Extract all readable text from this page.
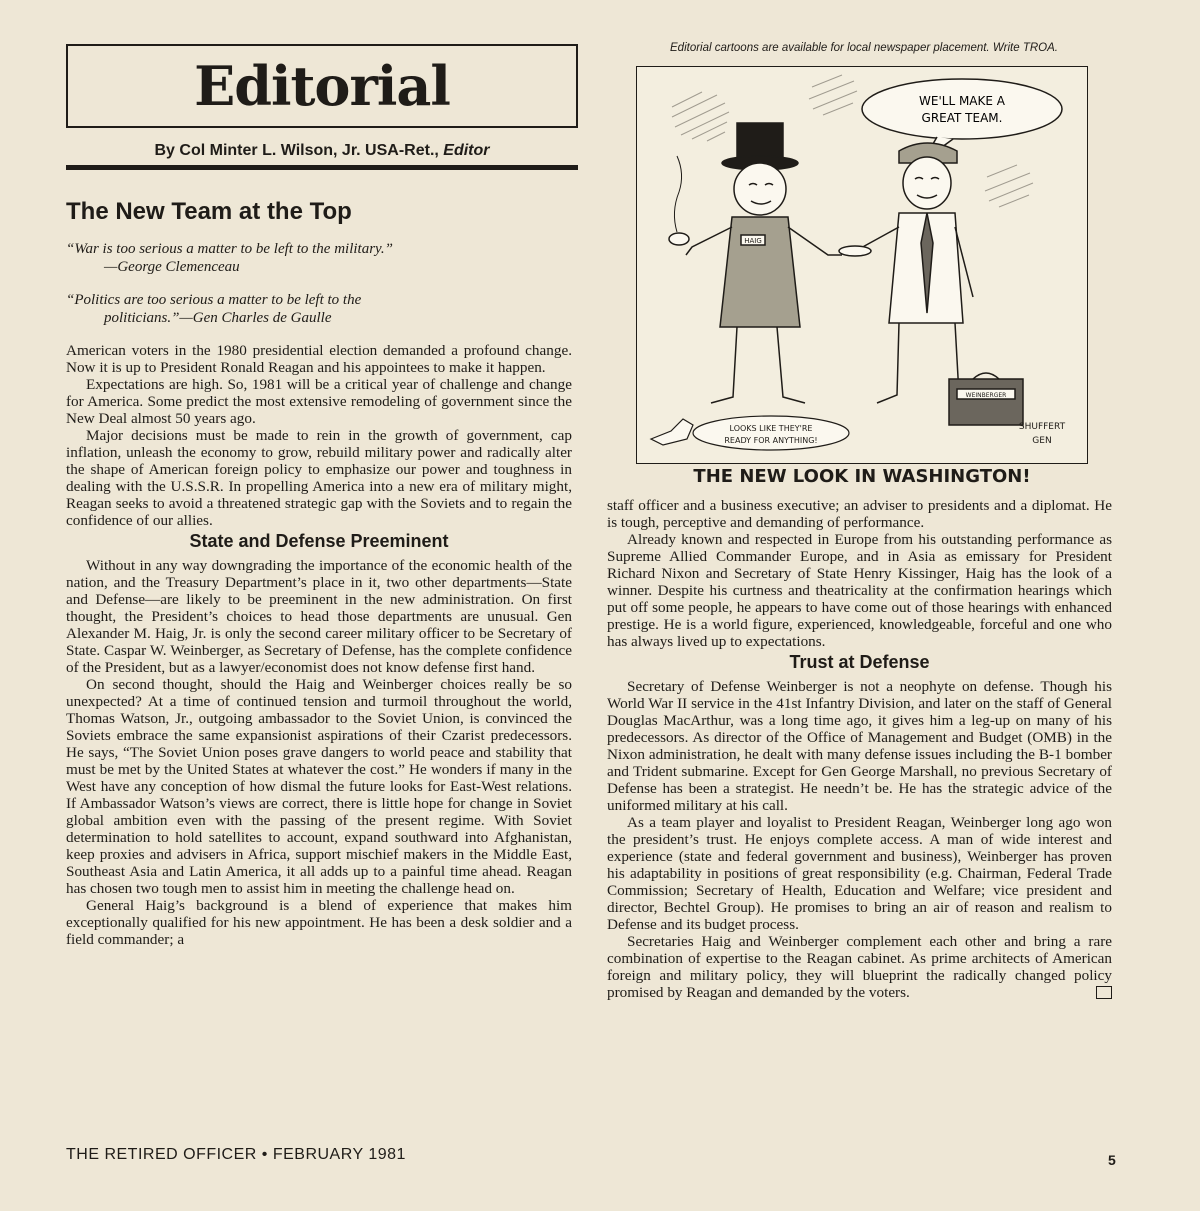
Editorial
By Col Minter L. Wilson, Jr. USA-Ret., Editor
The New Team at the Top
“War is too serious a matter to be left to the military.”
—George Clemenceau
“Politics are too serious a matter to be left to the
politicians.”—Gen Charles de Gaulle

American voters in the 1980 presidential election demanded a profound change. Now it is up to President Ronald Reagan and his appointees to make it happen.

Expectations are high. So, 1981 will be a critical year of challenge and change for America. Some predict the most extensive remodeling of government since the New Deal almost 50 years ago.

Major decisions must be made to rein in the growth of government, cap inflation, unleash the economy to grow, rebuild military power and radically alter the shape of American foreign policy to emphasize our power and toughness in dealing with the U.S.S.R. In propelling America into a new era of military might, Reagan seeks to avoid a threatened strategic gap with the Soviets and to regain the confidence of our allies.

State and Defense Preeminent

Without in any way downgrading the importance of the economic health of the nation, and the Treasury Department’s place in it, two other departments—State and Defense—are likely to be preeminent in the new administration. On first thought, the President’s choices to head those departments are unusual. Gen Alexander M. Haig, Jr. is only the second career military officer to be Secretary of State. Caspar W. Weinberger, as Secretary of Defense, has the complete confidence of the President, but as a lawyer/economist does not know defense first hand.

On second thought, should the Haig and Weinberger choices really be so unexpected? At a time of continued tension and turmoil throughout the world, Thomas Watson, Jr., outgoing ambassador to the Soviet Union, is convinced the Soviets embrace the same expansionist aspirations of their Czarist predecessors. He says, “The Soviet Union poses grave dangers to world peace and stability that must be met by the United States at whatever the cost.” He wonders if many in the West have any conception of how dismal the future looks for East-West relations. If Ambassador Watson’s views are correct, there is little hope for change in Soviet global ambition even with the passing of the present regime. With Soviet determination to hold satellites to account, expand southward into Afghanistan, keep proxies and advisers in Africa, support mischief makers in the Middle East, Southeast Asia and Latin America, it all adds up to a painful time ahead. Reagan has chosen two tough men to assist him in meeting the challenge head on.

General Haig’s background is a blend of experience that makes him exceptionally qualified for his new appointment. He has been a desk soldier and a field commander; a

Editorial cartoons are available for local newspaper placement. Write TROA.
WE'LL MAKE A
GREAT TEAM.
HAIG
WEINBERGER
LOOKS LIKE THEY'RE
READY FOR ANYTHING!
SHUFFERT
GEN
THE NEW LOOK IN WASHINGTON!

staff officer and a business executive; an adviser to presidents and a diplomat. He is tough, perceptive and demanding of performance.

Already known and respected in Europe from his outstanding performance as Supreme Allied Commander Europe, and in Asia as emissary for President Richard Nixon and Secretary of State Henry Kissinger, Haig has the look of a winner. Despite his curtness and theatricality at the confirmation hearings which put off some people, he appears to have come out of those hearings with enhanced prestige. He is a world figure, experienced, knowledgeable, forceful and one who has always lived up to expectations.

Trust at Defense

Secretary of Defense Weinberger is not a neophyte on defense. Though his World War II service in the 41st Infantry Division, and later on the staff of General Douglas MacArthur, was a long time ago, it gives him a leg-up on many of his predecessors. As director of the Office of Management and Budget (OMB) in the Nixon administration, he dealt with many defense issues including the B-1 bomber and Trident submarine. Except for Gen George Marshall, no previous Secretary of Defense has been a strategist. He needn’t be. He has the strategic advice of the uniformed military at his call.

As a team player and loyalist to President Reagan, Weinberger long ago won the president’s trust. He enjoys complete access. A man of wide interest and experience (state and federal government and business), Weinberger has proven his adaptability in positions of great responsibility (e.g. Chairman, Federal Trade Commission; Secretary of Health, Education and Welfare; vice president and director, Bechtel Group). He promises to bring an air of reason and realism to Defense and its budget process.

Secretaries Haig and Weinberger complement each other and bring a rare combination of expertise to the Reagan cabinet. As prime architects of American foreign and military policy, they will blueprint the radically changed policy promised by Reagan and demanded by the voters.

THE RETIRED OFFICER • FEBRUARY 1981	5
